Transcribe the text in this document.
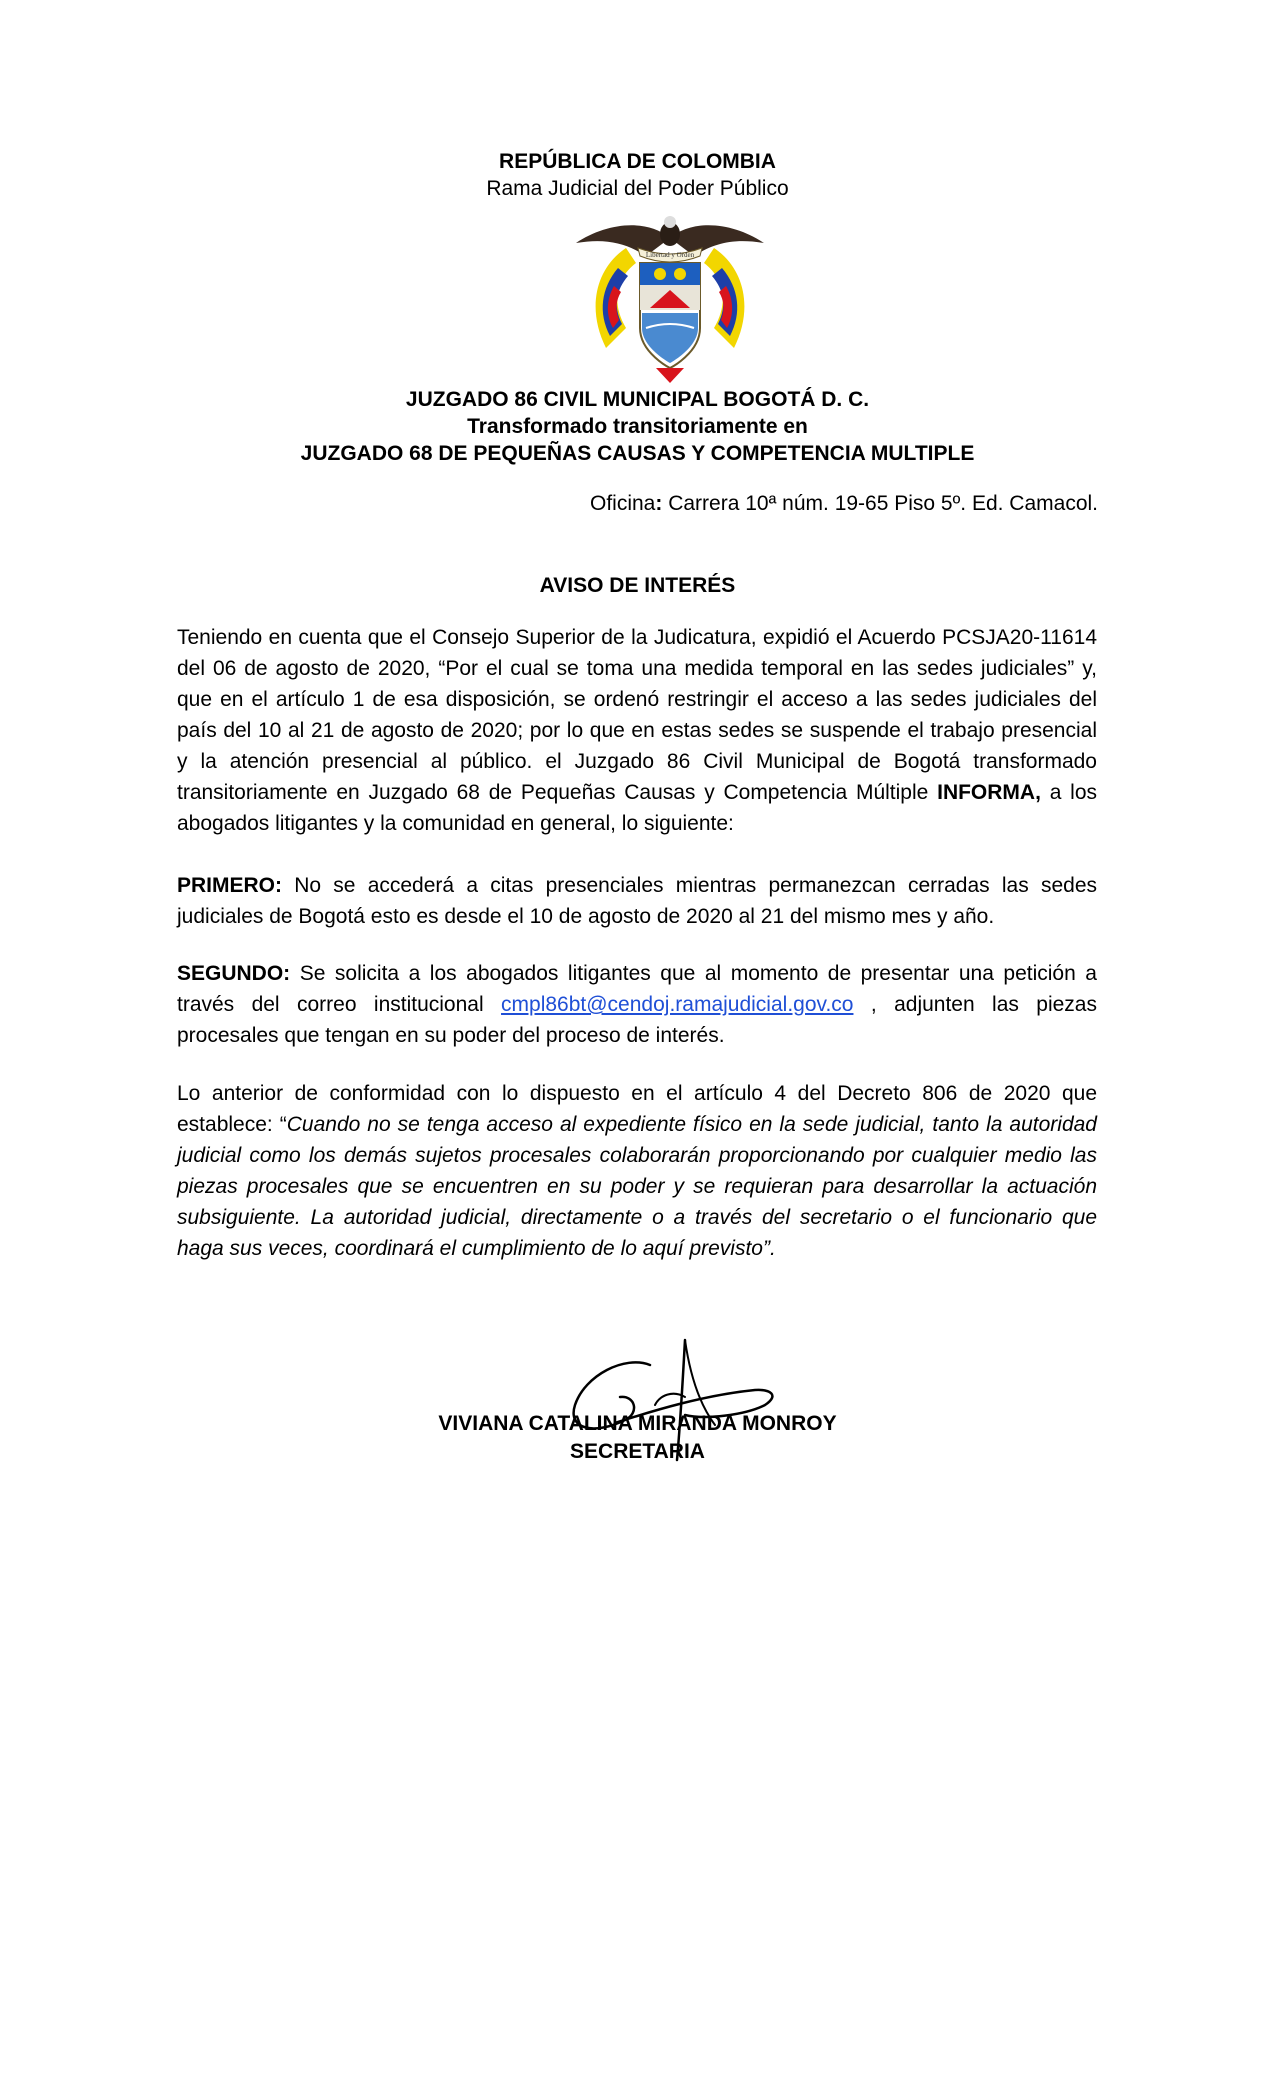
REPÚBLICA DE COLOMBIA
Rama Judicial del Poder Público
Libertad y Orden
JUZGADO 86 CIVIL MUNICIPAL BOGOTÁ D. C.
Transformado transitoriamente en
JUZGADO 68 DE PEQUEÑAS CAUSAS Y COMPETENCIA MULTIPLE
Oficina: Carrera 10ª núm. 19-65 Piso 5º. Ed. Camacol.
AVISO DE INTERÉS
Teniendo en cuenta que el Consejo Superior de la Judicatura, expidió el Acuerdo PCSJA20-11614 del 06 de agosto de 2020, “Por el cual se toma una medida temporal en las sedes judiciales” y, que en el artículo 1 de esa disposición, se ordenó restringir el acceso a las sedes judiciales del país del 10 al 21 de agosto de 2020; por lo que en estas sedes se suspende el trabajo presencial y la atención presencial al público. el Juzgado 86 Civil Municipal de Bogotá transformado transitoriamente en Juzgado 68 de Pequeñas Causas y Competencia Múltiple INFORMA, a los abogados litigantes y la comunidad en general, lo siguiente:
PRIMERO: No se accederá a citas presenciales mientras permanezcan cerradas las sedes judiciales de Bogotá esto es desde el 10 de agosto de 2020 al 21 del mismo mes y año.
SEGUNDO: Se solicita a los abogados litigantes que al momento de presentar una petición a través del correo institucional cmpl86bt@cendoj.ramajudicial.gov.co , adjunten las piezas procesales que tengan en su poder del proceso de interés.
Lo anterior de conformidad con lo dispuesto en el artículo 4 del Decreto 806 de 2020 que establece: “Cuando no se tenga acceso al expediente físico en la sede judicial, tanto la autoridad judicial como los demás sujetos procesales colaborarán proporcionando por cualquier medio las piezas procesales que se encuentren en su poder y se requieran para desarrollar la actuación subsiguiente. La autoridad judicial, directamente o a través del secretario o el funcionario que haga sus veces, coordinará el cumplimiento de lo aquí previsto”.
VIVIANA CATALINA MIRANDA MONROY
SECRETARIA
